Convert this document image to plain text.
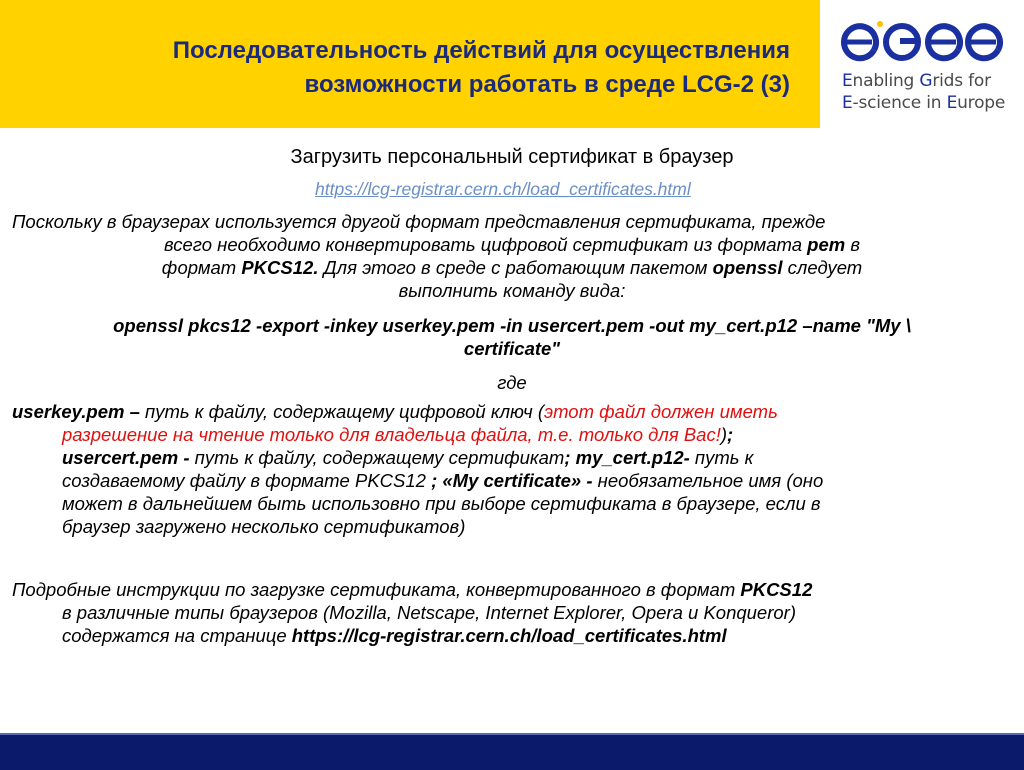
Последовательность действий для осуществления
возможности работать в среде LCG-2 (3)	Enabling Grids for
E-science in Europe
Загрузить персональный сертификат в браузер
https://lcg-registrar.cern.ch/load_certificates.html
Поскольку в браузерах используется другой формат представления сертификата, прежде
всего необходимо конвертировать цифровой сертификат из формата pem в
формат PKCS12. Для этого в среде с работающим пакетом openssl следует
выполнить команду вида:
openssl pkcs12 -export -inkey userkey.pem -in usercert.pem -out my_cert.p12 –name "My \
certificate"
где
userkey.pem – путь к файлу, содержащему цифровой ключ (этот файл должен иметь
разрешение на чтение только для владельца файла, т.е. только для Вас!);
usercert.pem - путь к файлу, содержащему сертификат; my_cert.p12- путь к
создаваемому файлу в формате PKCS12 ; «My certificate» - необязательное имя (оно
может в дальнейшем быть использовно при выборе сертификата в браузере, если в
браузер загружено несколько сертификатов)
Подробные инструкции по загрузке сертификата, конвертированного в формат PKCS12
в различные типы браузеров (Mozilla, Netscape, Internet Explorer, Opera и Konqueror)
содержатся на странице https://lcg-registrar.cern.ch/load_certificates.html
